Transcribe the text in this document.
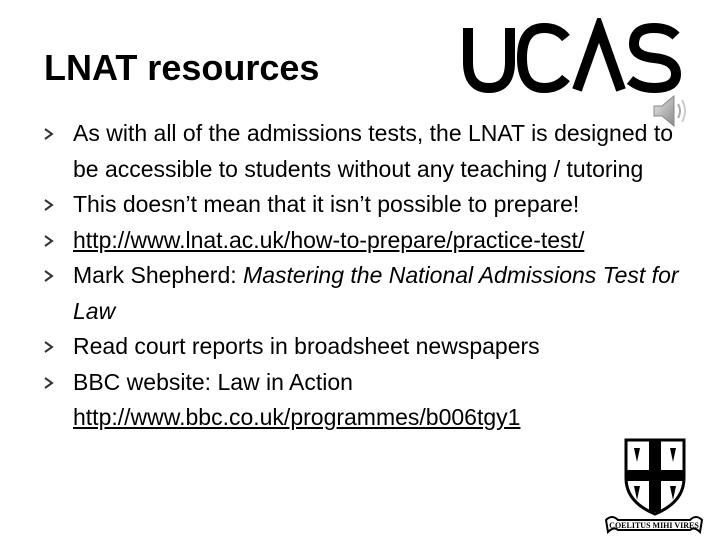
LNAT resources
UCAS
As with all of the admissions tests, the LNAT is designed to be accessible to students without any teaching / tutoring
This doesn’t mean that it isn’t possible to prepare!
http://www.lnat.ac.uk/how-to-prepare/practice-test/
Mark Shepherd: Mastering the National Admissions Test for Law
Read court reports in broadsheet newspapers
BBC website: Law in Action
http://www.bbc.co.uk/programmes/b006tgy1
COELITUS MIHI VIRES
